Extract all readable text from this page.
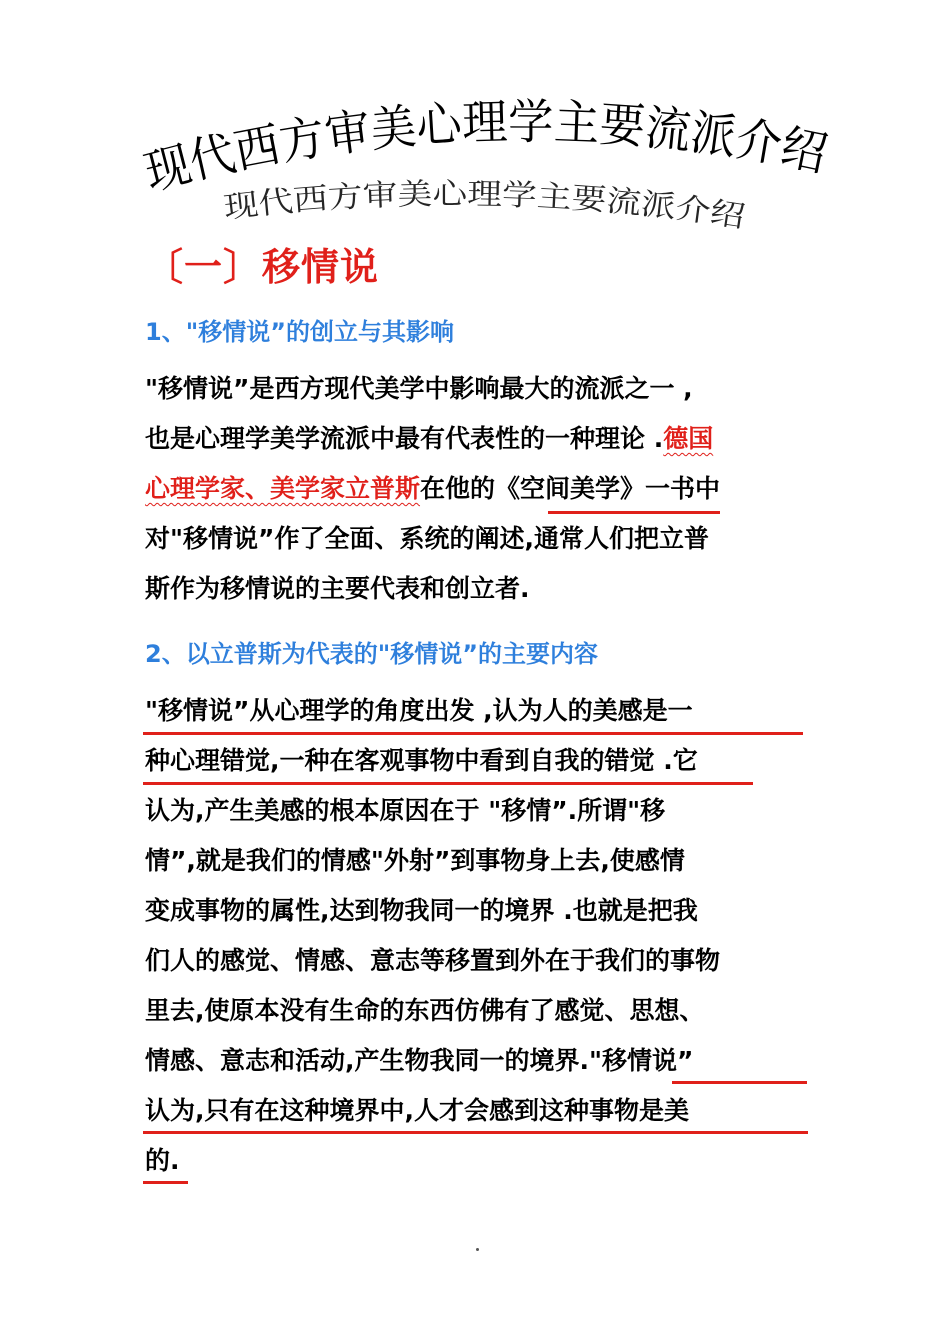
现代西方审美心理学主要流派介绍
现代西方审美心理学主要流派介绍
〔一〕移情说
1、"移情说”的创立与其影响
"移情说”是西方现代美学中影响最大的流派之一 ,
也是心理学美学流派中最有代表性的一种理论 .德国
心理学家、美学家立普斯在他的《空间美学》一书中
对"移情说”作了全面、系统的阐述,通常人们把立普
斯作为移情说的主要代表和创立者.
2、以立普斯为代表的"移情说”的主要内容
"移情说”从心理学的角度出发 ,认为人的美感是一
种心理错觉,一种在客观事物中看到自我的错觉 .它
认为,产生美感的根本原因在于 "移情”.所谓"移
情”,就是我们的情感"外射”到事物身上去,使感情
变成事物的属性,达到物我同一的境界 .也就是把我
们人的感觉、情感、意志等移置到外在于我们的事物
里去,使原本没有生命的东西仿佛有了感觉、思想、
情感、意志和活动,产生物我同一的境界."移情说”
认为,只有在这种境界中,人才会感到这种事物是美
的.
